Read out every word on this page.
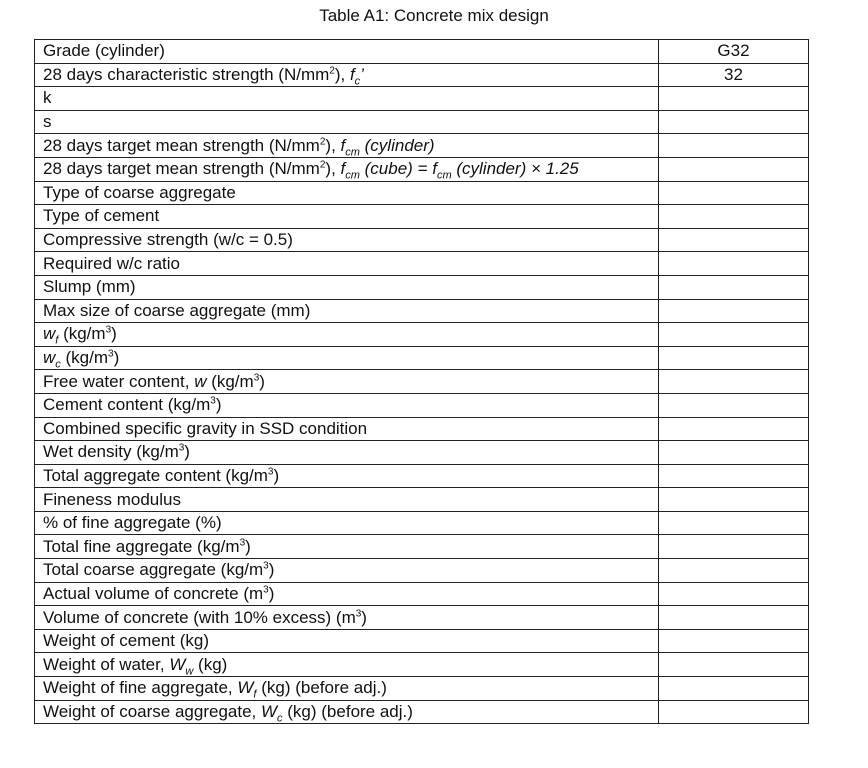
Table A1: Concrete mix design
Grade (cylinder)	G32
28 days characteristic strength $(N/mm^2)$, $f_c$’	32
k	
s	
28 days target mean strength $(N/mm^2)$, $f_{cm}$ (cylinder)	
28 days target mean strength $(N/mm^2)$, $f_{cm}$ (cube) = $f_{cm}$ (cylinder) × 1.25	
Type of coarse aggregate	
Type of cement	
Compressive strength (w/c = 0.5)	
Required w/c ratio	
Slump (mm)	
Max size of coarse aggregate (mm)	
$w_f$ $(kg/m^3)$	
$w_c$ $(kg/m^3)$	
Free water content, w $(kg/m^3)$	
Cement content $(kg/m^3)$	
Combined specific gravity in SSD condition	
Wet density $(kg/m^3)$	
Total aggregate content $(kg/m^3)$	
Fineness modulus	
% of fine aggregate (%)	
Total fine aggregate $(kg/m^3)$	
Total coarse aggregate $(kg/m^3)$	
Actual volume of concrete $(m^3)$	
Volume of concrete (with 10% excess) $(m^3)$	
Weight of cement (kg)	
Weight of water, $W_w$ (kg)	
Weight of fine aggregate, $W_f$ (kg) (before adj.)	
Weight of coarse aggregate, $W_c$ (kg) (before adj.)	
